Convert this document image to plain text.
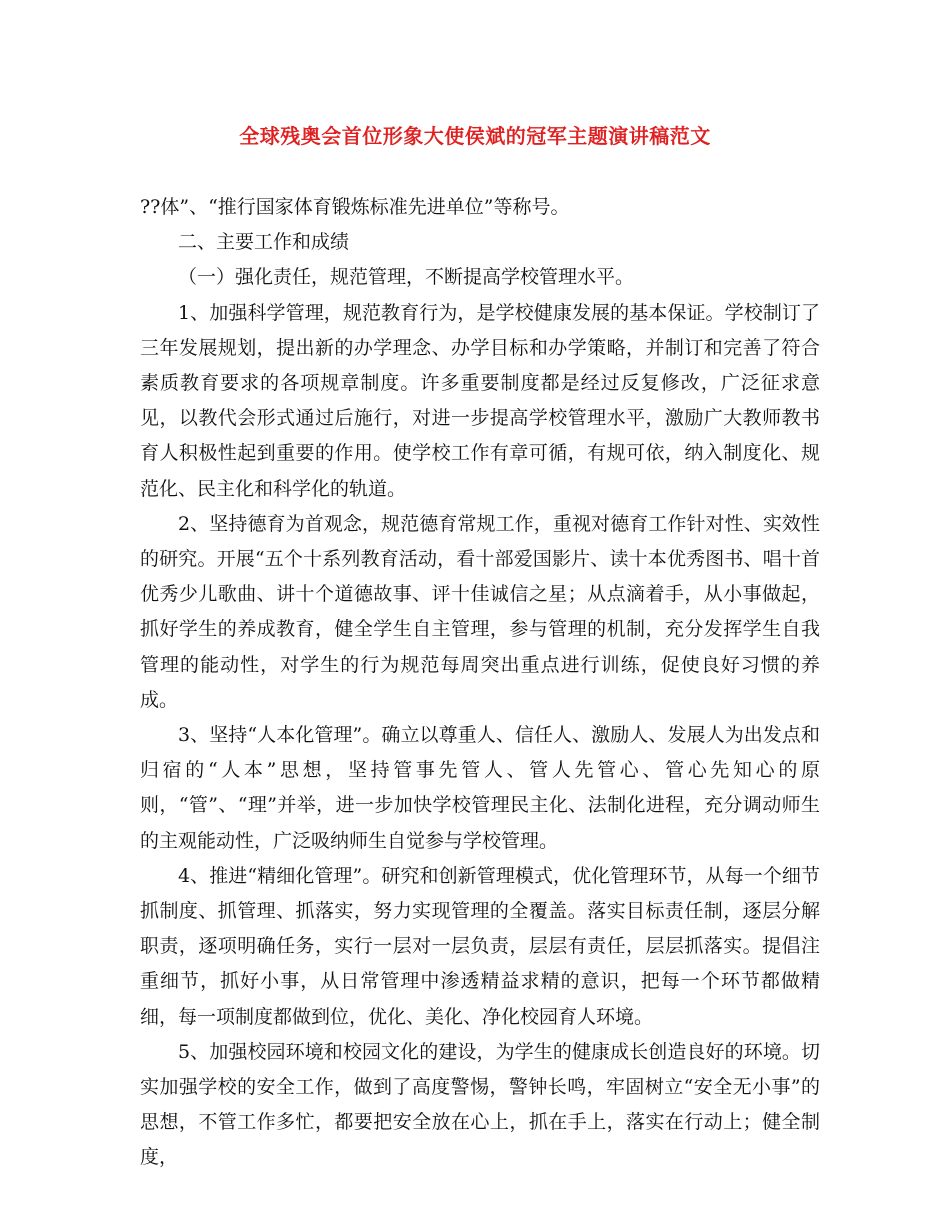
全球残奥会首位形象大使侯斌的冠军主题演讲稿范文

??体”、“推行国家体育锻炼标准先进单位”等称号。

二、主要工作和成绩

（一）强化责任，规范管理，不断提高学校管理水平。

1、加强科学管理，规范教育行为，是学校健康发展的基本保证。学校制订了三年发展规划，提出新的办学理念、办学目标和办学策略，并制订和完善了符合素质教育要求的各项规章制度。许多重要制度都是经过反复修改，广泛征求意见，以教代会形式通过后施行，对进一步提高学校管理水平，激励广大教师教书育人积极性起到重要的作用。使学校工作有章可循，有规可依，纳入制度化、规范化、民主化和科学化的轨道。

2、坚持德育为首观念，规范德育常规工作，重视对德育工作针对性、实效性的研究。开展“五个十系列教育活动，看十部爱国影片、读十本优秀图书、唱十首优秀少儿歌曲、讲十个道德故事、评十佳诚信之星；从点滴着手，从小事做起，抓好学生的养成教育，健全学生自主管理，参与管理的机制，充分发挥学生自我管理的能动性，对学生的行为规范每周突出重点进行训练，促使良好习惯的养成。

3、坚持“人本化管理”。确立以尊重人、信任人、激励人、发展人为出发点和归宿的“人本”思想，坚持管事先管人、管人先管心、管心先知心的原则，“管”、“理”并举，进一步加快学校管理民主化、法制化进程，充分调动师生的主观能动性，广泛吸纳师生自觉参与学校管理。

4、推进“精细化管理”。研究和创新管理模式，优化管理环节，从每一个细节抓制度、抓管理、抓落实，努力实现管理的全覆盖。落实目标责任制，逐层分解职责，逐项明确任务，实行一层对一层负责，层层有责任，层层抓落实。提倡注重细节，抓好小事，从日常管理中渗透精益求精的意识，把每一个环节都做精细，每一项制度都做到位，优化、美化、净化校园育人环境。

5、加强校园环境和校园文化的建设，为学生的健康成长创造良好的环境。切实加强学校的安全工作，做到了高度警惕，警钟长鸣，牢固树立“安全无小事”的思想，不管工作多忙，都要把安全放在心上，抓在手上，落实在行动上；健全制度，
